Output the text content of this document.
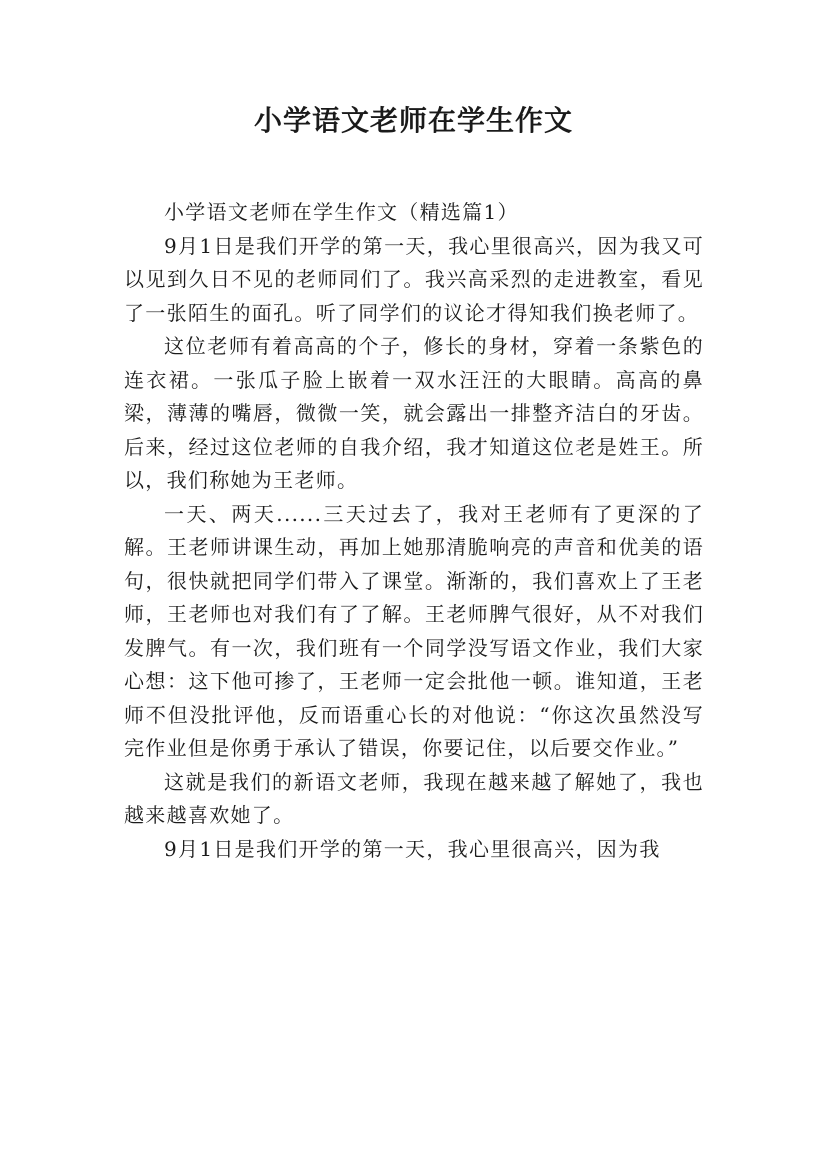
小学语文老师在学生作文

小学语文老师在学生作文（精选篇1）

9月1日是我们开学的第一天，我心里很高兴，因为我又可以见到久日不见的老师同们了。我兴高采烈的走进教室，看见了一张陌生的面孔。听了同学们的议论才得知我们换老师了。

这位老师有着高高的个子，修长的身材，穿着一条紫色的连衣裙。一张瓜子脸上嵌着一双水汪汪的大眼睛。高高的鼻梁，薄薄的嘴唇，微微一笑，就会露出一排整齐洁白的牙齿。后来，经过这位老师的自我介绍，我才知道这位老是姓王。所以，我们称她为王老师。

一天、两天......三天过去了，我对王老师有了更深的了解。王老师讲课生动，再加上她那清脆响亮的声音和优美的语句，很快就把同学们带入了课堂。渐渐的，我们喜欢上了王老师，王老师也对我们有了了解。王老师脾气很好，从不对我们发脾气。有一次，我们班有一个同学没写语文作业，我们大家心想：这下他可掺了，王老师一定会批他一顿。谁知道，王老师不但没批评他，反而语重心长的对他说：“你这次虽然没写完作业但是你勇于承认了错误，你要记住，以后要交作业。”

这就是我们的新语文老师，我现在越来越了解她了，我也越来越喜欢她了。

9月1日是我们开学的第一天，我心里很高兴，因为我
